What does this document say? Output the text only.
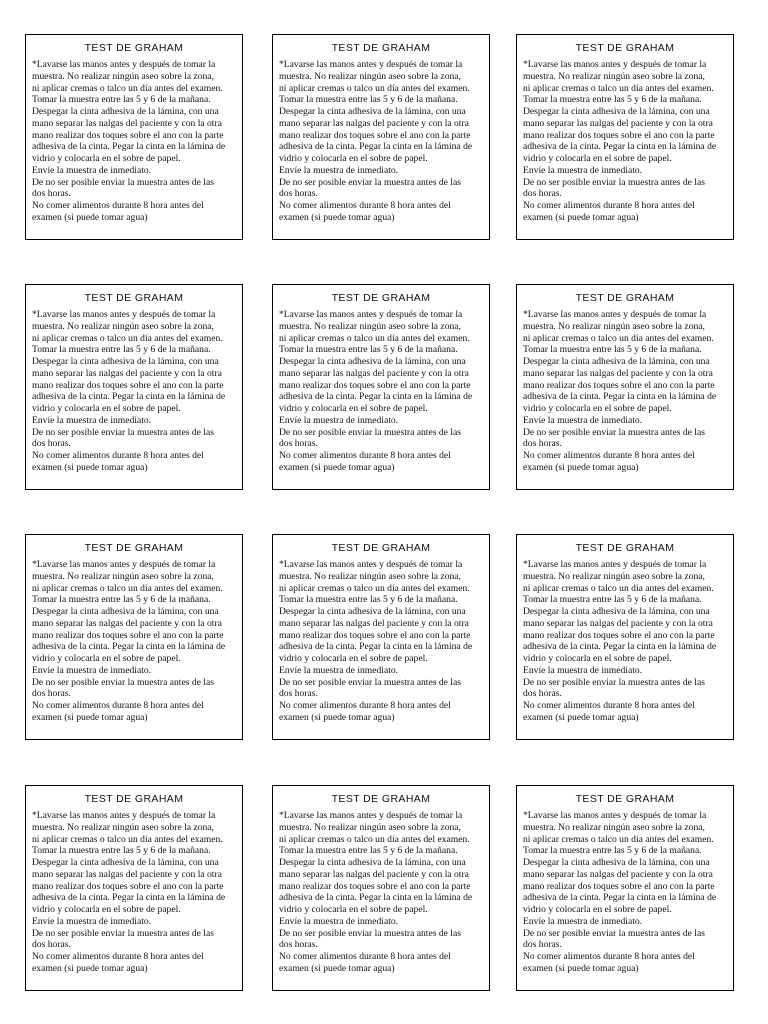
TEST DE GRAHAM
*Lavarse las manos antes y después de tomar la
muestra. No realizar ningún aseo sobre la zona,
ni aplicar cremas o talco un día antes del examen.
Tomar la muestra entre las 5 y 6 de la mañana.
Despegar la cinta adhesiva de la lámina, con una
mano separar las nalgas del paciente y con la otra
mano realizar dos toques sobre el ano con la parte
adhesiva de la cinta. Pegar la cinta en la lámina de
vidrio y colocarla en el sobre de papel.
Envíe la muestra de inmediato.
De no ser posible enviar la muestra antes de las
dos horas.
No comer alimentos durante 8 hora antes del
examen (si puede tomar agua)
TEST DE GRAHAM
*Lavarse las manos antes y después de tomar la
muestra. No realizar ningún aseo sobre la zona,
ni aplicar cremas o talco un día antes del examen.
Tomar la muestra entre las 5 y 6 de la mañana.
Despegar la cinta adhesiva de la lámina, con una
mano separar las nalgas del paciente y con la otra
mano realizar dos toques sobre el ano con la parte
adhesiva de la cinta. Pegar la cinta en la lámina de
vidrio y colocarla en el sobre de papel.
Envíe la muestra de inmediato.
De no ser posible enviar la muestra antes de las
dos horas.
No comer alimentos durante 8 hora antes del
examen (si puede tomar agua)
TEST DE GRAHAM
*Lavarse las manos antes y después de tomar la
muestra. No realizar ningún aseo sobre la zona,
ni aplicar cremas o talco un día antes del examen.
Tomar la muestra entre las 5 y 6 de la mañana.
Despegar la cinta adhesiva de la lámina, con una
mano separar las nalgas del paciente y con la otra
mano realizar dos toques sobre el ano con la parte
adhesiva de la cinta. Pegar la cinta en la lámina de
vidrio y colocarla en el sobre de papel.
Envíe la muestra de inmediato.
De no ser posible enviar la muestra antes de las
dos horas.
No comer alimentos durante 8 hora antes del
examen (si puede tomar agua)
TEST DE GRAHAM
*Lavarse las manos antes y después de tomar la
muestra. No realizar ningún aseo sobre la zona,
ni aplicar cremas o talco un día antes del examen.
Tomar la muestra entre las 5 y 6 de la mañana.
Despegar la cinta adhesiva de la lámina, con una
mano separar las nalgas del paciente y con la otra
mano realizar dos toques sobre el ano con la parte
adhesiva de la cinta. Pegar la cinta en la lámina de
vidrio y colocarla en el sobre de papel.
Envíe la muestra de inmediato.
De no ser posible enviar la muestra antes de las
dos horas.
No comer alimentos durante 8 hora antes del
examen (si puede tomar agua)
TEST DE GRAHAM
*Lavarse las manos antes y después de tomar la
muestra. No realizar ningún aseo sobre la zona,
ni aplicar cremas o talco un día antes del examen.
Tomar la muestra entre las 5 y 6 de la mañana.
Despegar la cinta adhesiva de la lámina, con una
mano separar las nalgas del paciente y con la otra
mano realizar dos toques sobre el ano con la parte
adhesiva de la cinta. Pegar la cinta en la lámina de
vidrio y colocarla en el sobre de papel.
Envíe la muestra de inmediato.
De no ser posible enviar la muestra antes de las
dos horas.
No comer alimentos durante 8 hora antes del
examen (si puede tomar agua)
TEST DE GRAHAM
*Lavarse las manos antes y después de tomar la
muestra. No realizar ningún aseo sobre la zona,
ni aplicar cremas o talco un día antes del examen.
Tomar la muestra entre las 5 y 6 de la mañana.
Despegar la cinta adhesiva de la lámina, con una
mano separar las nalgas del paciente y con la otra
mano realizar dos toques sobre el ano con la parte
adhesiva de la cinta. Pegar la cinta en la lámina de
vidrio y colocarla en el sobre de papel.
Envíe la muestra de inmediato.
De no ser posible enviar la muestra antes de las
dos horas.
No comer alimentos durante 8 hora antes del
examen (si puede tomar agua)
TEST DE GRAHAM
*Lavarse las manos antes y después de tomar la
muestra. No realizar ningún aseo sobre la zona,
ni aplicar cremas o talco un día antes del examen.
Tomar la muestra entre las 5 y 6 de la mañana.
Despegar la cinta adhesiva de la lámina, con una
mano separar las nalgas del paciente y con la otra
mano realizar dos toques sobre el ano con la parte
adhesiva de la cinta. Pegar la cinta en la lámina de
vidrio y colocarla en el sobre de papel.
Envíe la muestra de inmediato.
De no ser posible enviar la muestra antes de las
dos horas.
No comer alimentos durante 8 hora antes del
examen (si puede tomar agua)
TEST DE GRAHAM
*Lavarse las manos antes y después de tomar la
muestra. No realizar ningún aseo sobre la zona,
ni aplicar cremas o talco un día antes del examen.
Tomar la muestra entre las 5 y 6 de la mañana.
Despegar la cinta adhesiva de la lámina, con una
mano separar las nalgas del paciente y con la otra
mano realizar dos toques sobre el ano con la parte
adhesiva de la cinta. Pegar la cinta en la lámina de
vidrio y colocarla en el sobre de papel.
Envíe la muestra de inmediato.
De no ser posible enviar la muestra antes de las
dos horas.
No comer alimentos durante 8 hora antes del
examen (si puede tomar agua)
TEST DE GRAHAM
*Lavarse las manos antes y después de tomar la
muestra. No realizar ningún aseo sobre la zona,
ni aplicar cremas o talco un día antes del examen.
Tomar la muestra entre las 5 y 6 de la mañana.
Despegar la cinta adhesiva de la lámina, con una
mano separar las nalgas del paciente y con la otra
mano realizar dos toques sobre el ano con la parte
adhesiva de la cinta. Pegar la cinta en la lámina de
vidrio y colocarla en el sobre de papel.
Envíe la muestra de inmediato.
De no ser posible enviar la muestra antes de las
dos horas.
No comer alimentos durante 8 hora antes del
examen (si puede tomar agua)
TEST DE GRAHAM
*Lavarse las manos antes y después de tomar la
muestra. No realizar ningún aseo sobre la zona,
ni aplicar cremas o talco un día antes del examen.
Tomar la muestra entre las 5 y 6 de la mañana.
Despegar la cinta adhesiva de la lámina, con una
mano separar las nalgas del paciente y con la otra
mano realizar dos toques sobre el ano con la parte
adhesiva de la cinta. Pegar la cinta en la lámina de
vidrio y colocarla en el sobre de papel.
Envíe la muestra de inmediato.
De no ser posible enviar la muestra antes de las
dos horas.
No comer alimentos durante 8 hora antes del
examen (si puede tomar agua)
TEST DE GRAHAM
*Lavarse las manos antes y después de tomar la
muestra. No realizar ningún aseo sobre la zona,
ni aplicar cremas o talco un día antes del examen.
Tomar la muestra entre las 5 y 6 de la mañana.
Despegar la cinta adhesiva de la lámina, con una
mano separar las nalgas del paciente y con la otra
mano realizar dos toques sobre el ano con la parte
adhesiva de la cinta. Pegar la cinta en la lámina de
vidrio y colocarla en el sobre de papel.
Envíe la muestra de inmediato.
De no ser posible enviar la muestra antes de las
dos horas.
No comer alimentos durante 8 hora antes del
examen (si puede tomar agua)
TEST DE GRAHAM
*Lavarse las manos antes y después de tomar la
muestra. No realizar ningún aseo sobre la zona,
ni aplicar cremas o talco un día antes del examen.
Tomar la muestra entre las 5 y 6 de la mañana.
Despegar la cinta adhesiva de la lámina, con una
mano separar las nalgas del paciente y con la otra
mano realizar dos toques sobre el ano con la parte
adhesiva de la cinta. Pegar la cinta en la lámina de
vidrio y colocarla en el sobre de papel.
Envíe la muestra de inmediato.
De no ser posible enviar la muestra antes de las
dos horas.
No comer alimentos durante 8 hora antes del
examen (si puede tomar agua)
